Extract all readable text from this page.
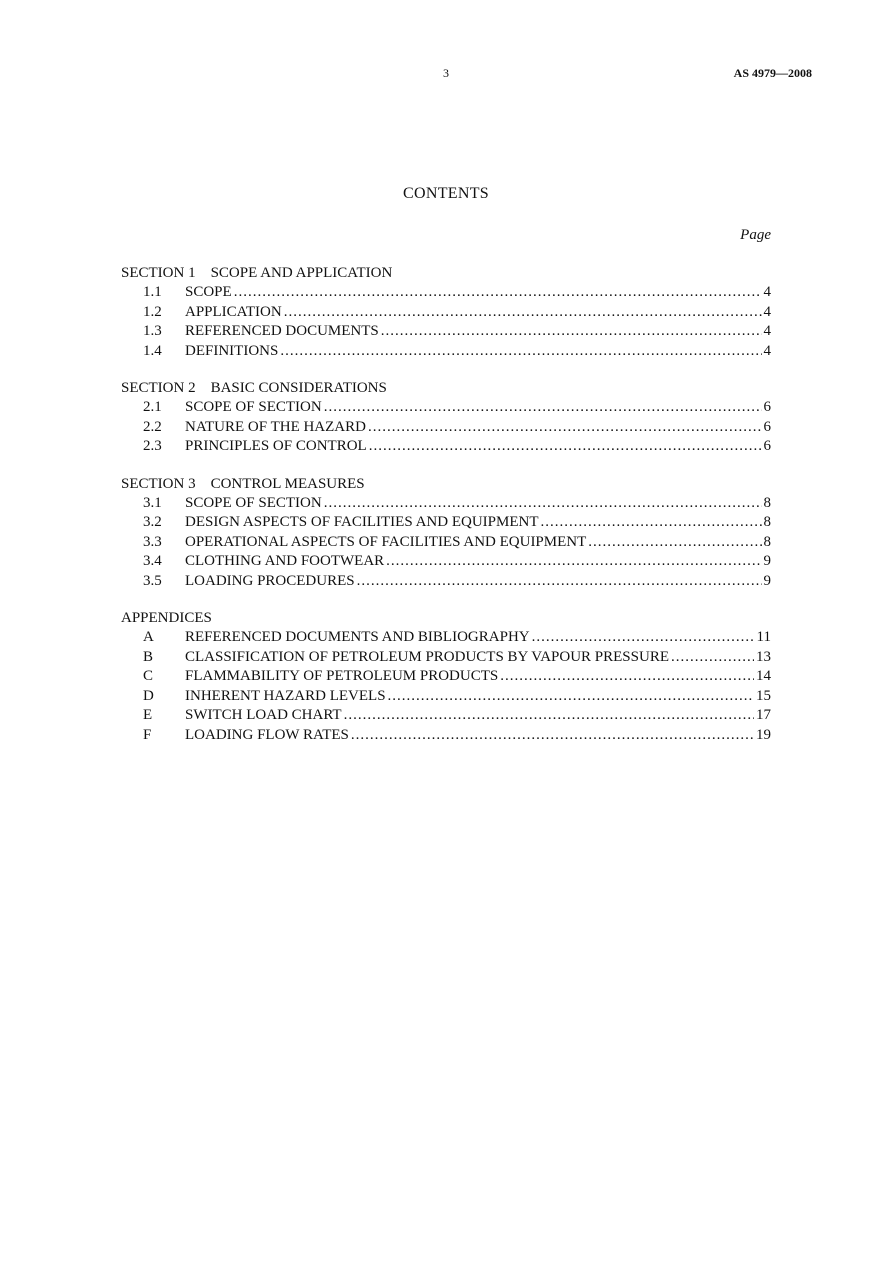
3	AS 4979—2008
CONTENTS
Page
SECTION 1    SCOPE AND APPLICATION
1.1	SCOPE .....	4
1.2	APPLICATION .....	4
1.3	REFERENCED DOCUMENTS .....	4
1.4	DEFINITIONS .....	4
SECTION 2    BASIC CONSIDERATIONS
2.1	SCOPE OF SECTION .....	6
2.2	NATURE OF THE HAZARD .....	6
2.3	PRINCIPLES OF CONTROL .....	6
SECTION 3    CONTROL MEASURES
3.1	SCOPE OF SECTION .....	8
3.2	DESIGN ASPECTS OF FACILITIES AND EQUIPMENT .....	8
3.3	OPERATIONAL ASPECTS OF FACILITIES AND EQUIPMENT .....	8
3.4	CLOTHING AND FOOTWEAR .....	9
3.5	LOADING PROCEDURES .....	9
APPENDICES
A	REFERENCED DOCUMENTS AND BIBLIOGRAPHY .....	11
B	CLASSIFICATION OF PETROLEUM PRODUCTS BY VAPOUR PRESSURE .....	13
C	FLAMMABILITY OF PETROLEUM PRODUCTS .....	14
D	INHERENT HAZARD LEVELS .....	15
E	SWITCH LOAD CHART .....	17
F	LOADING FLOW RATES .....	19
